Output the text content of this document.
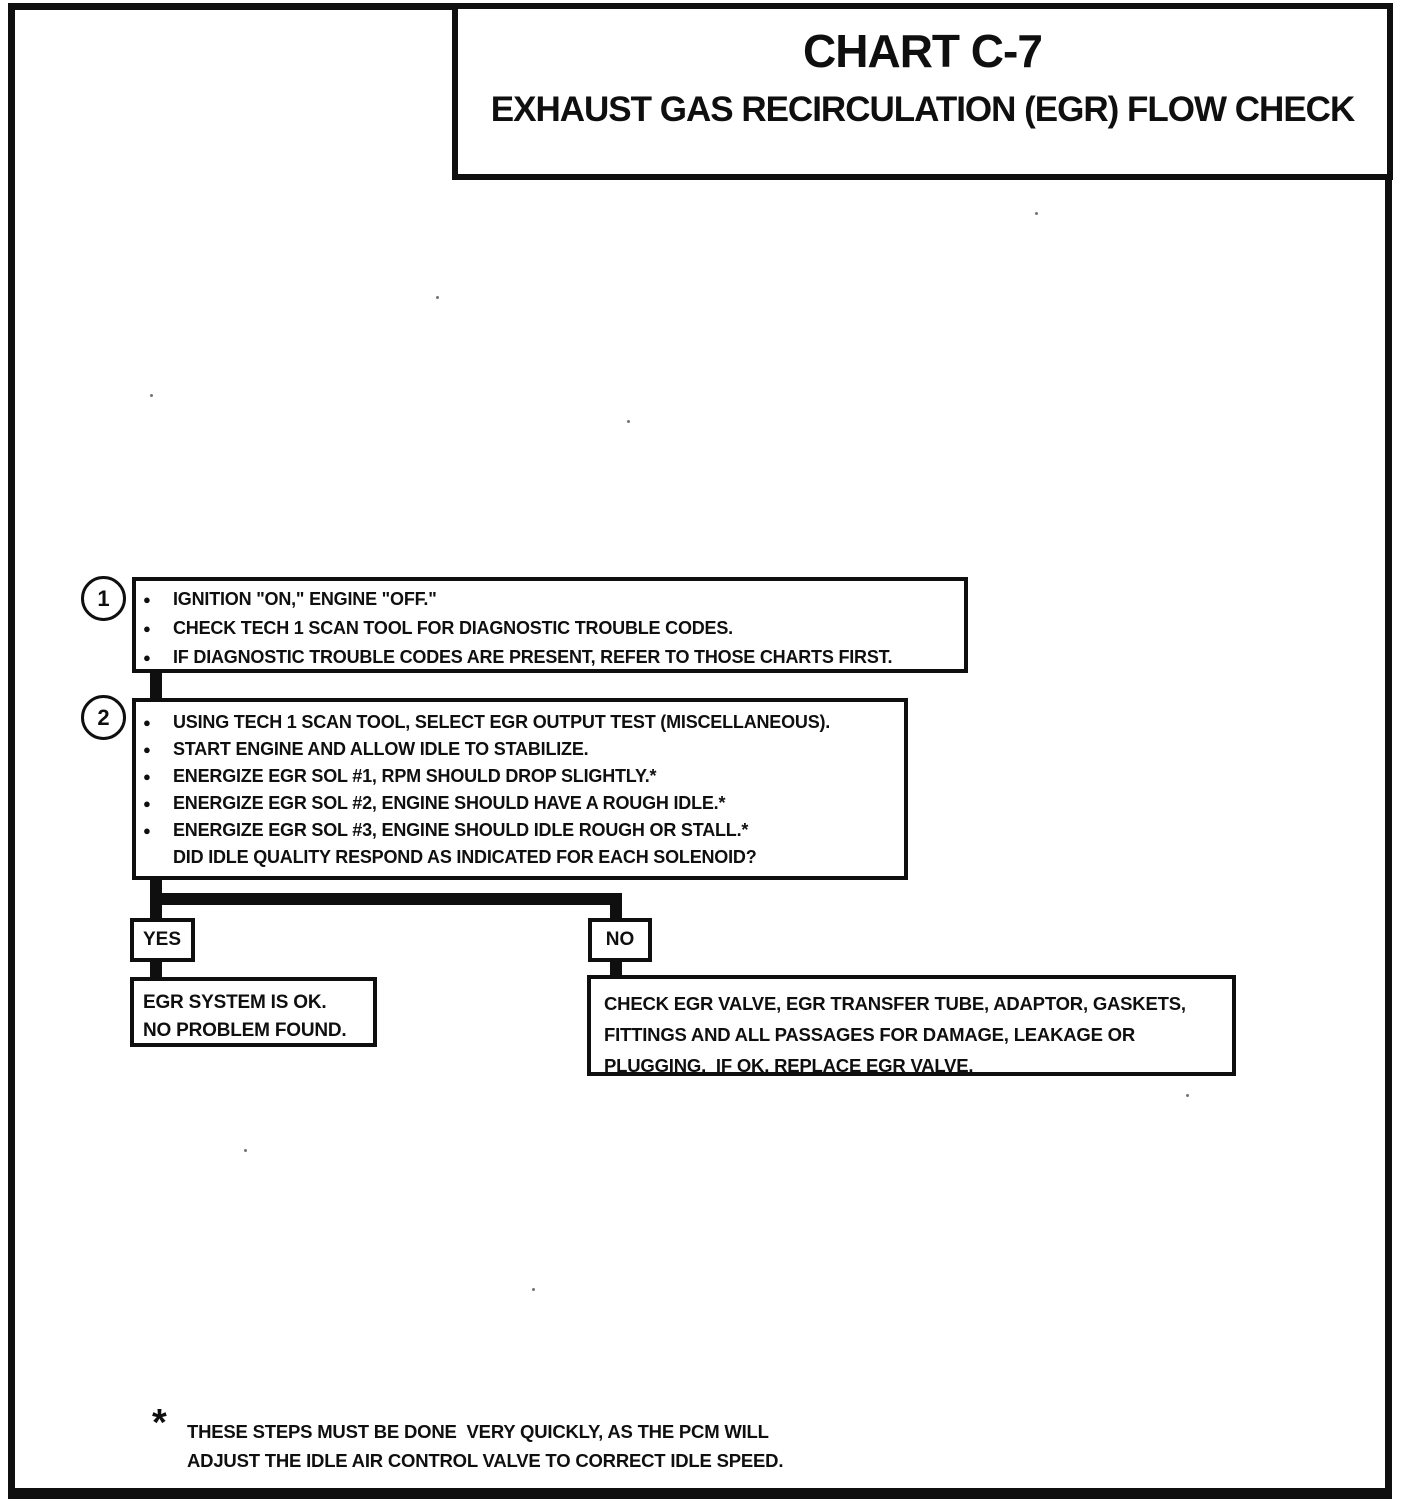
CHART C-7
EXHAUST GAS RECIRCULATION (EGR) FLOW CHECK
1	●	IGNITION "ON," ENGINE "OFF."
●	CHECK TECH 1 SCAN TOOL FOR DIAGNOSTIC TROUBLE CODES.
●	IF DIAGNOSTIC TROUBLE CODES ARE PRESENT, REFER TO THOSE CHARTS FIRST.
2	●	USING TECH 1 SCAN TOOL, SELECT EGR OUTPUT TEST (MISCELLANEOUS).
●	START ENGINE AND ALLOW IDLE TO STABILIZE.
●	ENERGIZE EGR SOL #1, RPM SHOULD DROP SLIGHTLY.*
●	ENERGIZE EGR SOL #2, ENGINE SHOULD HAVE A ROUGH IDLE.*
●	ENERGIZE EGR SOL #3, ENGINE SHOULD IDLE ROUGH OR STALL.*
DID IDLE QUALITY RESPOND AS INDICATED FOR EACH SOLENOID?
YES	NO
EGR SYSTEM IS OK.
NO PROBLEM FOUND.
CHECK EGR VALVE, EGR TRANSFER TUBE, ADAPTOR, GASKETS,
FITTINGS AND ALL PASSAGES FOR DAMAGE, LEAKAGE OR
PLUGGING.  IF OK, REPLACE EGR VALVE.
* THESE STEPS MUST BE DONE  VERY QUICKLY, AS THE PCM WILL
ADJUST THE IDLE AIR CONTROL VALVE TO CORRECT IDLE SPEED.
